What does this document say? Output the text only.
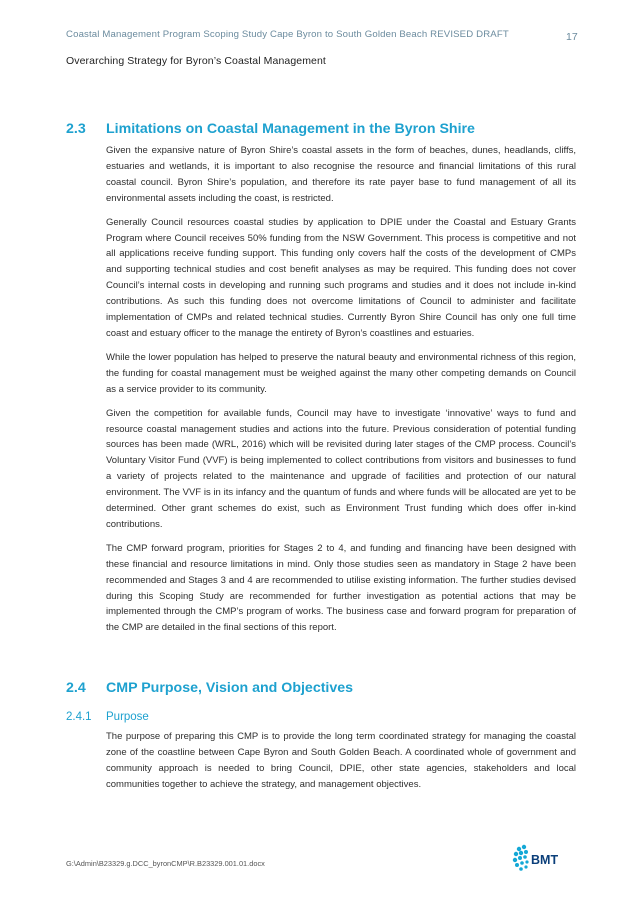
Coastal Management Program Scoping Study Cape Byron to South Golden Beach REVISED DRAFT	17
Overarching Strategy for Byron’s Coastal Management
2.3 Limitations on Coastal Management in the Byron Shire

Given the expansive nature of Byron Shire’s coastal assets in the form of beaches, dunes, headlands, cliffs, estuaries and wetlands, it is important to also recognise the resource and financial limitations of this rural coastal council. Byron Shire’s population, and therefore its rate payer base to fund management of all its environmental assets including the coast, is restricted.

Generally Council resources coastal studies by application to DPIE under the Coastal and Estuary Grants Program where Council receives 50% funding from the NSW Government. This process is competitive and not all applications receive funding support. This funding only covers half the costs of the development of CMPs and supporting technical studies and cost benefit analyses as may be required. This funding does not cover Council’s internal costs in developing and running such programs and studies and it does not include in-kind contributions. As such this funding does not overcome limitations of Council to administer and facilitate implementation of CMPs and related technical studies. Currently Byron Shire Council has only one full time coast and estuary officer to the manage the entirety of Byron’s coastlines and estuaries.

While the lower population has helped to preserve the natural beauty and environmental richness of this region, the funding for coastal management must be weighed against the many other competing demands on Council as a service provider to its community.

Given the competition for available funds, Council may have to investigate ‘innovative’ ways to fund and resource coastal management studies and actions into the future. Previous consideration of potential funding sources has been made (WRL, 2016) which will be revisited during later stages of the CMP process. Council’s Voluntary Visitor Fund (VVF) is being implemented to collect contributions from visitors and businesses to fund a variety of projects related to the maintenance and upgrade of facilities and protection of our natural environment. The VVF is in its infancy and the quantum of funds and where funds will be allocated are yet to be determined. Other grant schemes do exist, such as Environment Trust funding which does offer in-kind contributions.

The CMP forward program, priorities for Stages 2 to 4, and funding and financing have been designed with these financial and resource limitations in mind. Only those studies seen as mandatory in Stage 2 have been recommended and Stages 3 and 4 are recommended to utilise existing information. The further studies devised during this Scoping Study are recommended for further investigation as potential actions that may be implemented through the CMP’s program of works. The business case and forward program for preparation of the CMP are detailed in the final sections of this report.

2.4 CMP Purpose, Vision and Objectives
2.4.1 Purpose

The purpose of preparing this CMP is to provide the long term coordinated strategy for managing the coastal zone of the coastline between Cape Byron and South Golden Beach. A coordinated whole of government and community approach is needed to bring Council, DPIE, other state agencies, stakeholders and local communities together to achieve the strategy, and management objectives.

G:\Admin\B23329.g.DCC_byronCMP\R.B23329.001.01.docx	BMT
